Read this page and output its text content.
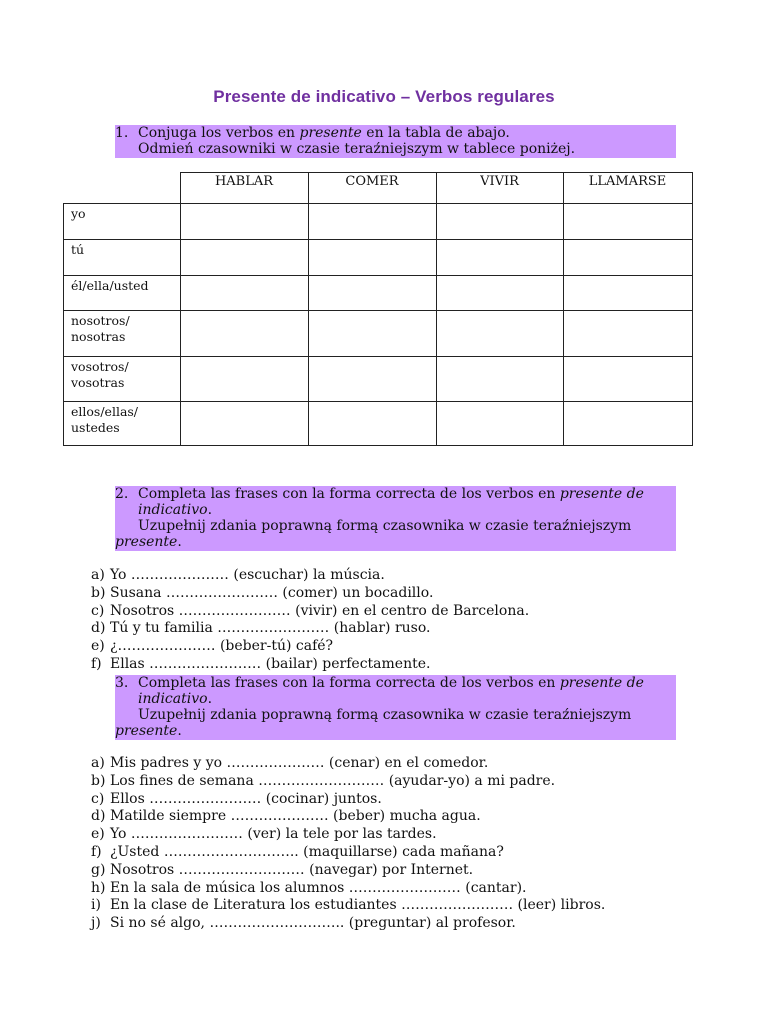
Presente de indicativo – Verbos regulares
1. Conjuga los verbos en presente en la tabla de abajo.
Odmień czasowniki w czasie teraźniejszym w tablece poniżej.
	HABLAR	COMER	VIVIR	LLAMARSE

yo				

tú				

él/ella/usted				

nosotros/
nosotras				

vosotros/
vosotras				

ellos/ellas/
ustedes				

2. Completa las frases con la forma correcta de los verbos en presente de
indicativo.
Uzupełnij zdania poprawną formą czasownika w czasie teraźniejszym
presente.
a) Yo ………………… (escuchar) la múscia.
b) Susana …………………… (comer) un bocadillo.
c) Nosotros …………………… (vivir) en el centro de Barcelona.
d) Tú y tu familia …………………… (hablar) ruso.
e) ¿………………… (beber-tú) café?
f) Ellas …………………… (bailar) perfectamente.
3. Completa las frases con la forma correcta de los verbos en presente de
indicativo.
Uzupełnij zdania poprawną formą czasownika w czasie teraźniejszym
presente.
a) Mis padres y yo ………………… (cenar) en el comedor.
b) Los fines de semana ……………………… (ayudar-yo) a mi padre.
c) Ellos …………………… (cocinar) juntos.
d) Matilde siempre ………………… (beber) mucha agua.
e) Yo …………………… (ver) la tele por las tardes.
f) ¿Usted ……………………….. (maquillarse) cada mañana?
g) Nosotros ……………………… (navegar) por Internet.
h) En la sala de música los alumnos …………………… (cantar).
i) En la clase de Literatura los estudiantes …………………… (leer) libros.
j) Si no sé algo, ……………………….. (preguntar) al profesor.
